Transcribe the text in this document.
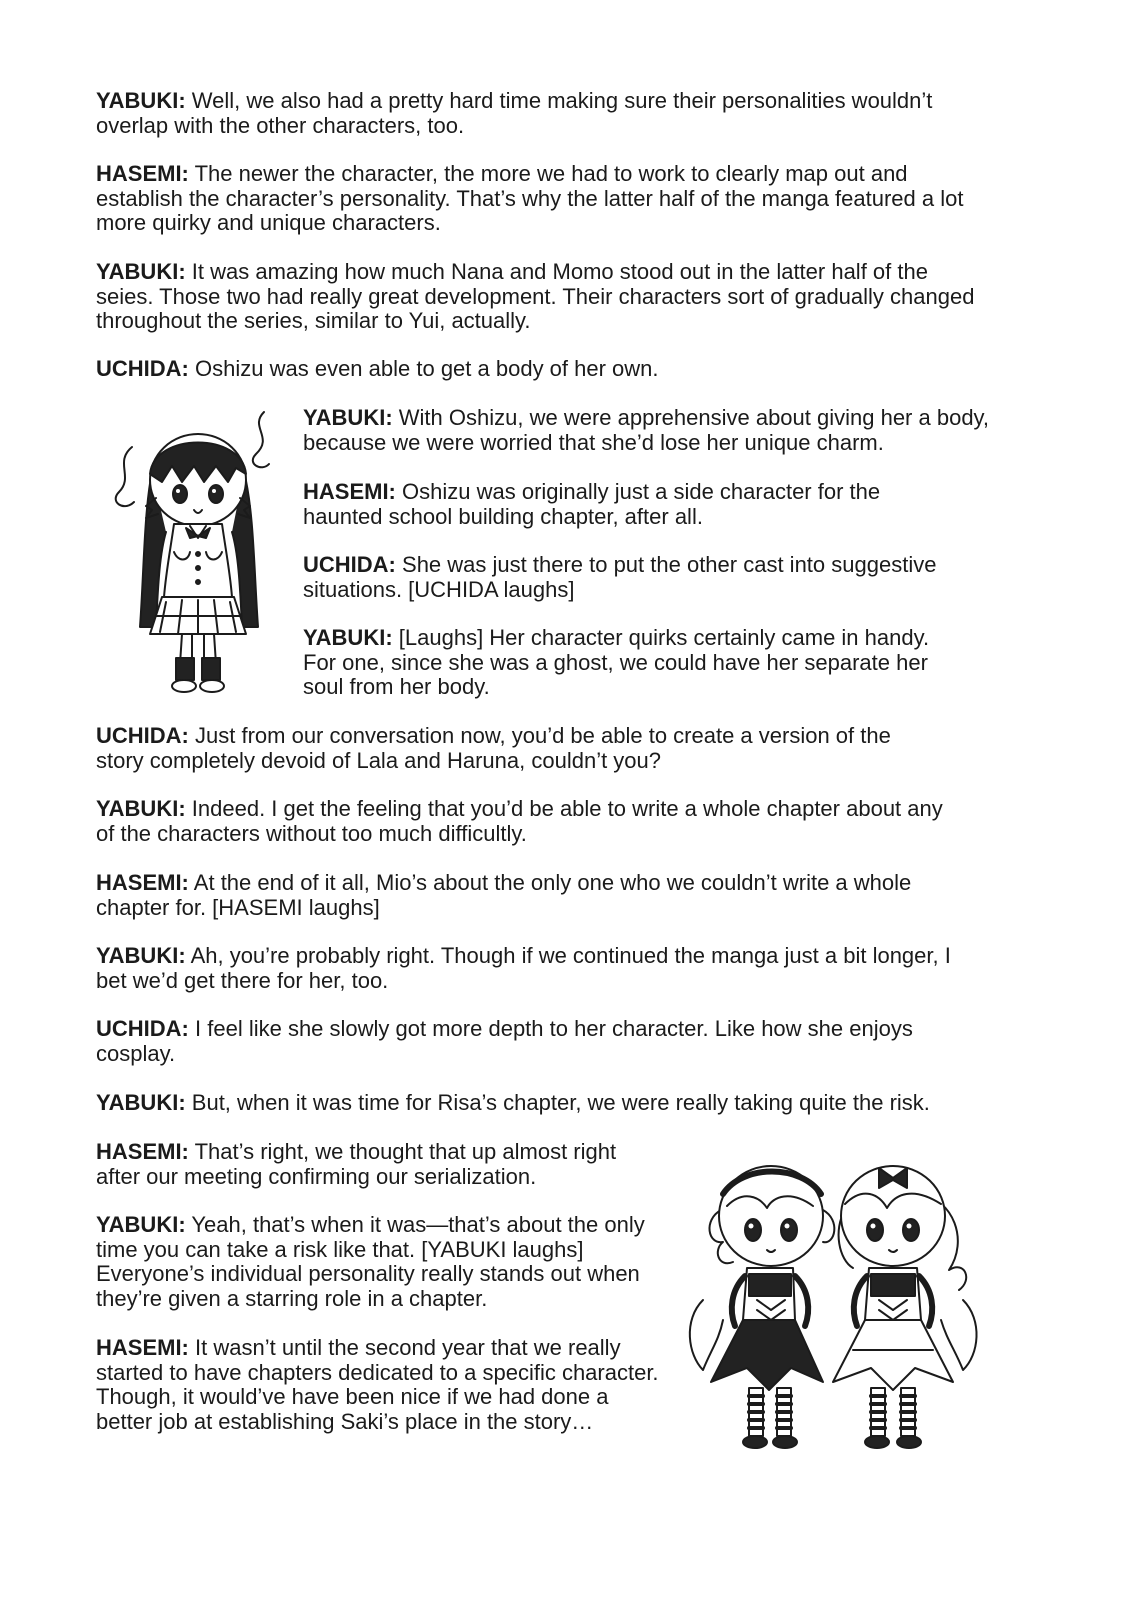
YABUKI: Well, we also had a pretty hard time making sure their personalities wouldn’t overlap with the other characters, too.
HASEMI: The newer the character, the more we had to work to clearly map out and establish the character’s personality. That’s why the latter half of the manga featured a lot more quirky and unique characters.
YABUKI: It was amazing how much Nana and Momo stood out in the latter half of the seies. Those two had really great development. Their characters sort of gradually changed throughout the series, similar to Yui, actually.
UCHIDA: Oshizu was even able to get a body of her own.
YABUKI: With Oshizu, we were apprehensive about giving her a body, because we were worried that she’d lose her unique charm.
HASEMI: Oshizu was originally just a side character for the haunted school building chapter, after all.
UCHIDA: She was just there to put the other cast into suggestive situations. [UCHIDA laughs]
YABUKI: [Laughs] Her character quirks certainly came in handy. For one, since she was a ghost, we could have her separate her soul from her body.
UCHIDA: Just from our conversation now, you’d be able to create a version of the story completely devoid of Lala and Haruna, couldn’t you?
YABUKI: Indeed. I get the feeling that you’d be able to write a whole chapter about any of the characters without too much difficultly.
HASEMI: At the end of it all, Mio’s about the only one who we couldn’t write a whole chapter for. [HASEMI laughs]
YABUKI: Ah, you’re probably right. Though if we continued the manga just a bit longer, I bet we’d get there for her, too.
UCHIDA: I feel like she slowly got more depth to her character. Like how she enjoys cosplay.
YABUKI: But, when it was time for Risa’s chapter, we were really taking quite the risk.
HASEMI: That’s right, we thought that up almost right after our meeting confirming our serialization.
YABUKI: Yeah, that’s when it was—that’s about the only time you can take a risk like that. [YABUKI laughs] Everyone’s individual personality really stands out when they’re given a starring role in a chapter.
HASEMI: It wasn’t until the second year that we really started to have chapters dedicated to a specific character. Though, it would’ve have been nice if we had done a better job at establishing Saki’s place in the story…
